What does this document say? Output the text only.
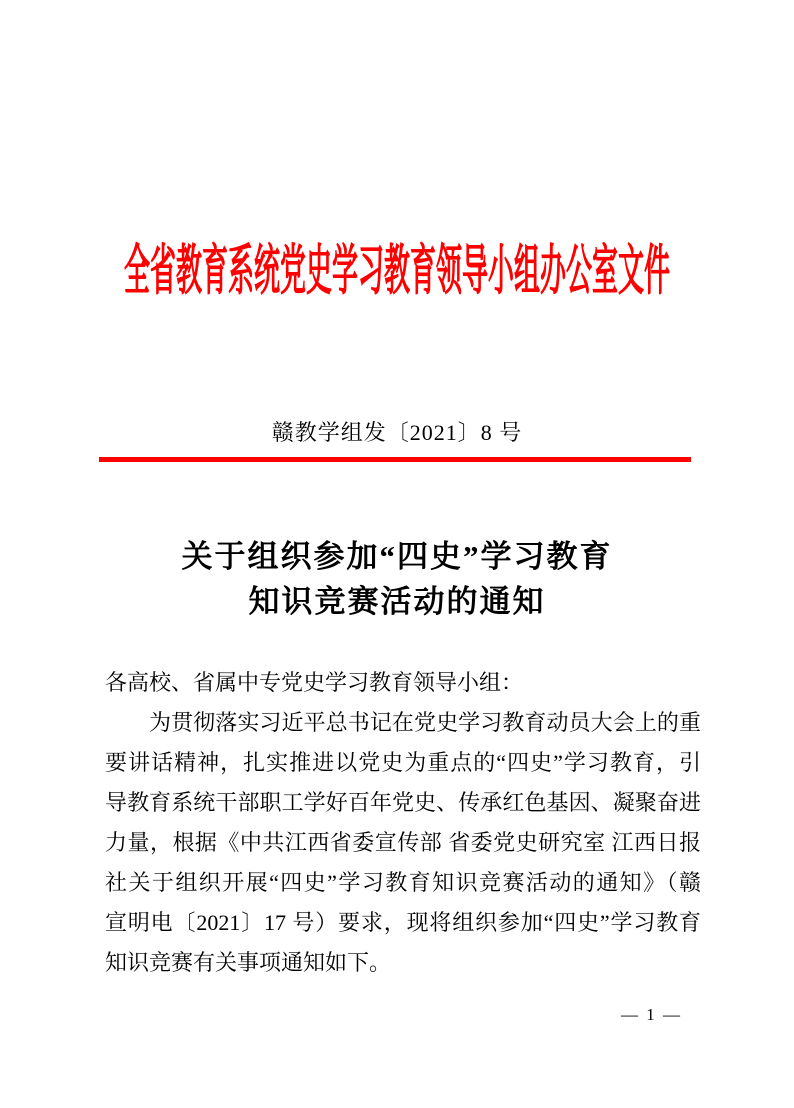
全省教育系统党史学习教育领导小组办公室文件
赣教学组发〔2021〕8 号
关于组织参加“四史”学习教育
知识竞赛活动的通知
各高校、省属中专党史学习教育领导小组：
为贯彻落实习近平总书记在党史学习教育动员大会上的重
要讲话精神，扎实推进以党史为重点的“四史”学习教育，引
导教育系统干部职工学好百年党史、传承红色基因、凝聚奋进
力量，根据《中共江西省委宣传部 省委党史研究室 江西日报
社关于组织开展“四史”学习教育知识竞赛活动的通知》（赣
宣明电〔2021〕17 号）要求，现将组织参加“四史”学习教育
知识竞赛有关事项通知如下。
— 1 —
